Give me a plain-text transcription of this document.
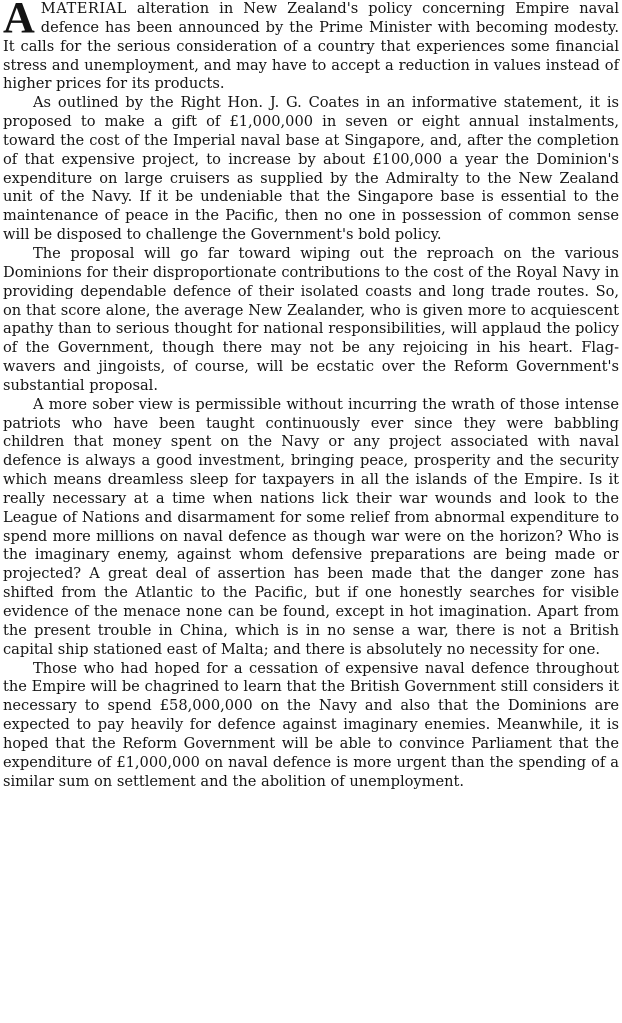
AMATERIAL alteration in New Zealand's policy concerning Empire naval defence has been announced by the Prime Minister with becoming modesty. It calls for the serious consideration of a country that experiences some financial stress and unemployment, and may have to accept a reduction in values instead of higher prices for its products.

As outlined by the Right Hon. J. G. Coates in an informative statement, it is proposed to make a gift of £1,000,000 in seven or eight annual instalments, toward the cost of the Imperial naval base at Singapore, and, after the completion of that expensive project, to increase by about £100,000 a year the Dominion's expenditure on large cruisers as supplied by the Admiralty to the New Zealand unit of the Navy. If it be undeniable that the Singapore base is essential to the maintenance of peace in the Pacific, then no one in possession of common sense will be disposed to challenge the Government's bold policy.

The proposal will go far toward wiping out the reproach on the various Dominions for their disproportionate contributions to the cost of the Royal Navy in providing dependable defence of their isolated coasts and long trade routes. So, on that score alone, the average New Zealander, who is given more to acquiescent apathy than to serious thought for national responsibilities, will applaud the policy of the Government, though there may not be any rejoicing in his heart. Flag-wavers and jingoists, of course, will be ecstatic over the Reform Government's substantial proposal.

A more sober view is permissible without incurring the wrath of those intense patriots who have been taught continuously ever since they were babbling children that money spent on the Navy or any project associated with naval defence is always a good investment, bringing peace, prosperity and the security which means dreamless sleep for taxpayers in all the islands of the Empire. Is it really necessary at a time when nations lick their war wounds and look to the League of Nations and disarmament for some relief from abnormal expenditure to spend more millions on naval defence as though war were on the horizon? Who is the imaginary enemy, against whom defensive preparations are being made or projected? A great deal of assertion has been made that the danger zone has shifted from the Atlantic to the Pacific, but if one honestly searches for visible evidence of the menace none can be found, except in hot imagination. Apart from the present trouble in China, which is in no sense a war, there is not a British capital ship stationed east of Malta; and there is absolutely no necessity for one.

Those who had hoped for a cessation of expensive naval defence throughout the Empire will be chagrined to learn that the British Government still considers it necessary to spend £58,000,000 on the Navy and also that the Dominions are expected to pay heavily for defence against imaginary enemies. Meanwhile, it is hoped that the Reform Government will be able to convince Parliament that the expenditure of £1,000,000 on naval defence is more urgent than the spending of a similar sum on settlement and the abolition of unemployment.
